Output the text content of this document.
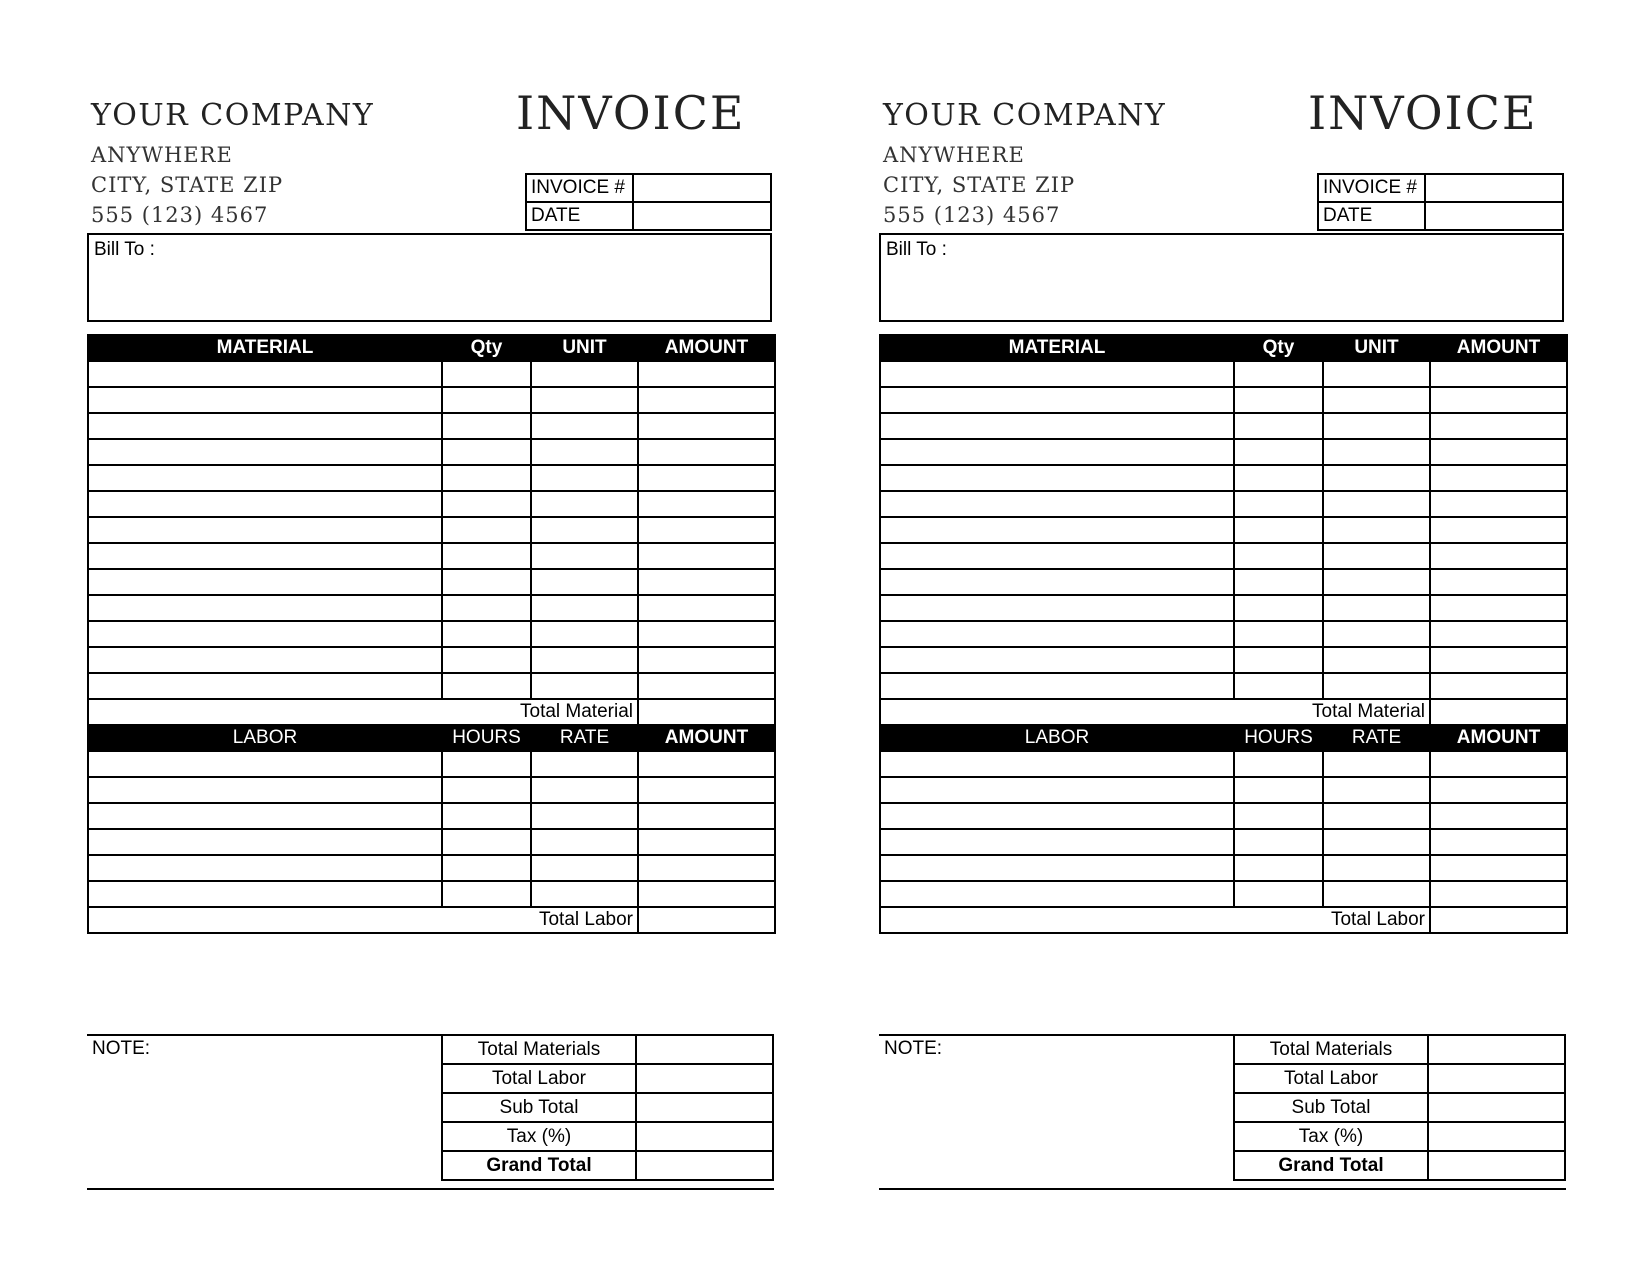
YOUR COMPANY
ANYWHERE
CITY, STATE ZIP
555 (123) 4567
INVOICE
INVOICE #	
DATE	
Bill To :
MATERIAL	Qty	UNIT	AMOUNT

Total Material			
LABOR	HOURS	RATE	AMOUNT

Total Labor			
NOTE:	Total Materials	
Total Labor	
Sub Total	
Tax (%)	
Grand Total	
YOUR COMPANY
ANYWHERE
CITY, STATE ZIP
555 (123) 4567
INVOICE
INVOICE #	
DATE	
Bill To :
MATERIAL	Qty	UNIT	AMOUNT

Total Material			
LABOR	HOURS	RATE	AMOUNT

Total Labor			
NOTE:	Total Materials	
Total Labor	
Sub Total	
Tax (%)	
Grand Total	
